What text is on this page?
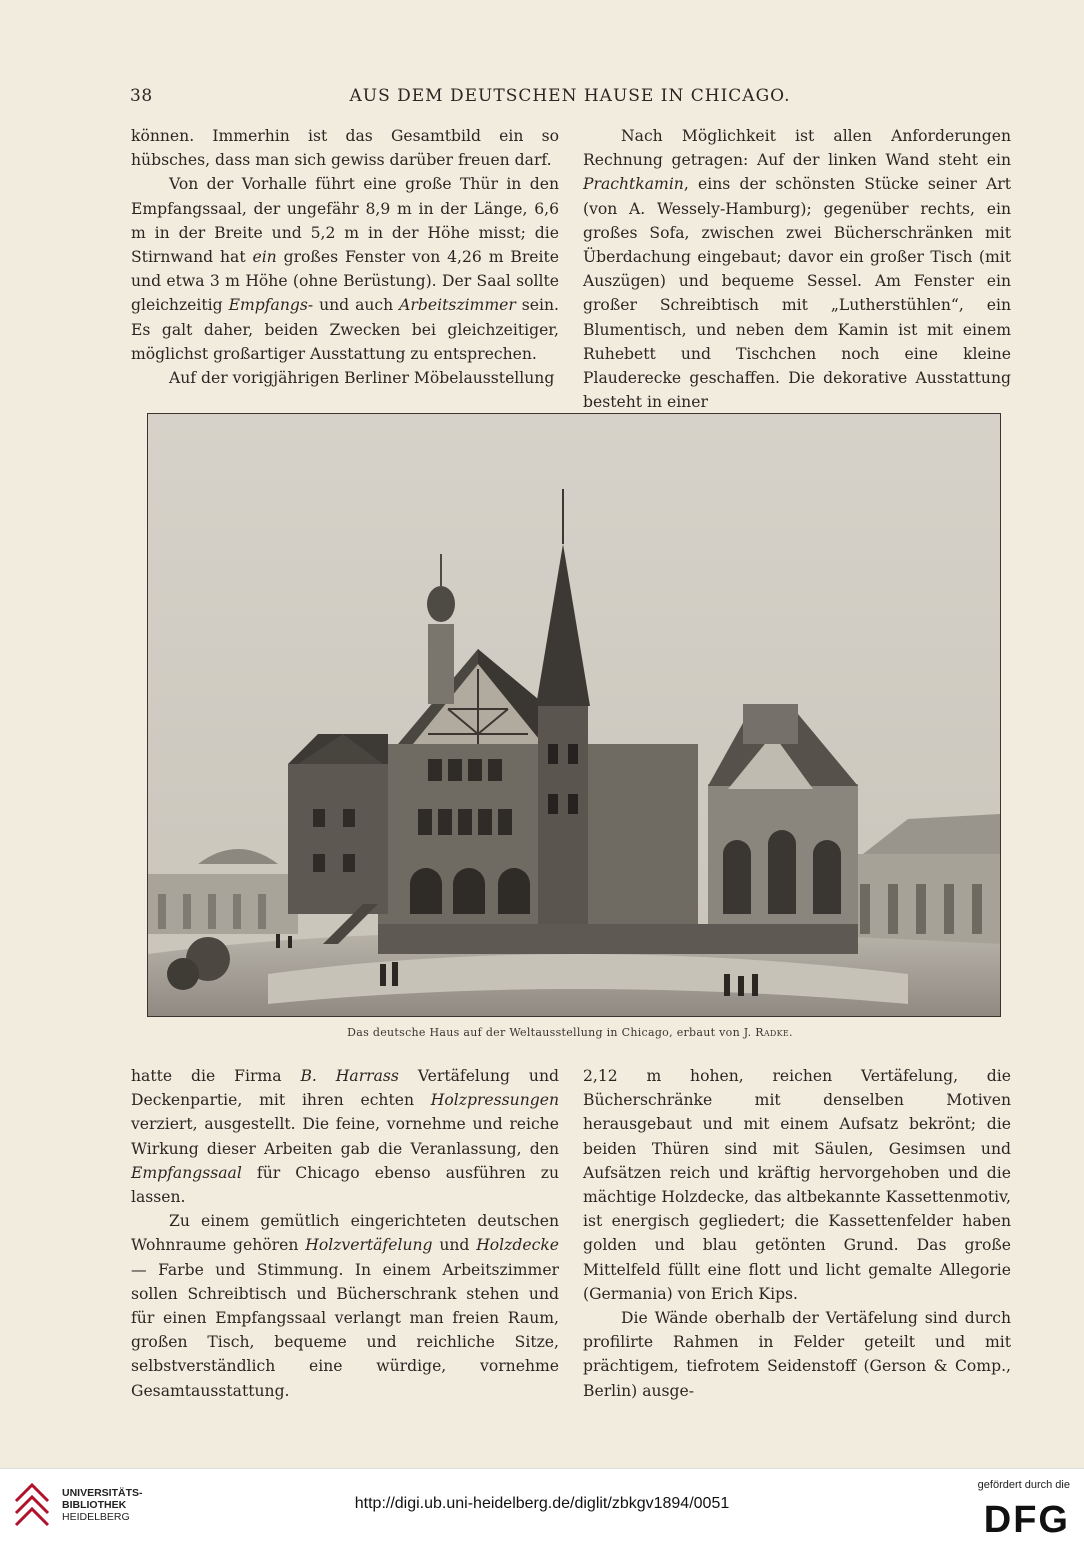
38	AUS DEM DEUTSCHEN HAUSE IN CHICAGO.

können. Immerhin ist das Gesamtbild ein so hübsches, dass man sich gewiss darüber freuen darf.

Von der Vorhalle führt eine große Thür in den Empfangssaal, der ungefähr 8,9 m in der Länge, 6,6 m in der Breite und 5,2 m in der Höhe misst; die Stirnwand hat ein großes Fenster von 4,26 m Breite und etwa 3 m Höhe (ohne Berüstung). Der Saal sollte gleichzeitig Empfangs- und auch Arbeitszimmer sein. Es galt daher, beiden Zwecken bei gleichzeitiger, möglichst großartiger Ausstattung zu entsprechen.

Auf der vorigjährigen Berliner Möbelausstellung

Nach Möglichkeit ist allen Anforderungen Rechnung getragen: Auf der linken Wand steht ein Prachtkamin, eins der schönsten Stücke seiner Art (von A. Wessely-Hamburg); gegenüber rechts, ein großes Sofa, zwischen zwei Bücherschränken mit Überdachung eingebaut; davor ein großer Tisch (mit Auszügen) und bequeme Sessel. Am Fenster ein großer Schreibtisch mit „Lutherstühlen“, ein Blumentisch, und neben dem Kamin ist mit einem Ruhebett und Tischchen noch eine kleine Plauderecke geschaffen. Die dekorative Ausstattung besteht in einer

Das deutsche Haus auf der Weltausstellung in Chicago, erbaut von J. Radke.

hatte die Firma B. Harrass Vertäfelung und Deckenpartie, mit ihren echten Holzpressungen verziert, ausgestellt. Die feine, vornehme und reiche Wirkung dieser Arbeiten gab die Veranlassung, den Empfangssaal für Chicago ebenso ausführen zu lassen.

Zu einem gemütlich eingerichteten deutschen Wohnraume gehören Holzvertäfelung und Holzdecke — Farbe und Stimmung. In einem Arbeitszimmer sollen Schreibtisch und Bücherschrank stehen und für einen Empfangssaal verlangt man freien Raum, großen Tisch, bequeme und reichliche Sitze, selbstverständlich eine würdige, vornehme Gesamtausstattung.

2,12 m hohen, reichen Vertäfelung, die Bücherschränke mit denselben Motiven herausgebaut und mit einem Aufsatz bekrönt; die beiden Thüren sind mit Säulen, Gesimsen und Aufsätzen reich und kräftig hervorgehoben und die mächtige Holzdecke, das altbekannte Kassettenmotiv, ist energisch gegliedert; die Kassettenfelder haben golden und blau getönten Grund. Das große Mittelfeld füllt eine flott und licht gemalte Allegorie (Germania) von Erich Kips.

Die Wände oberhalb der Vertäfelung sind durch profilirte Rahmen in Felder geteilt und mit prächtigem, tiefrotem Seidenstoff (Gerson & Comp., Berlin) ausge-

UNIVERSITÄTS-
BIBLIOTHEK
HEIDELBERG
http://digi.ub.uni-heidelberg.de/diglit/zbkgv1894/0051
gefördert durch die
DFG
